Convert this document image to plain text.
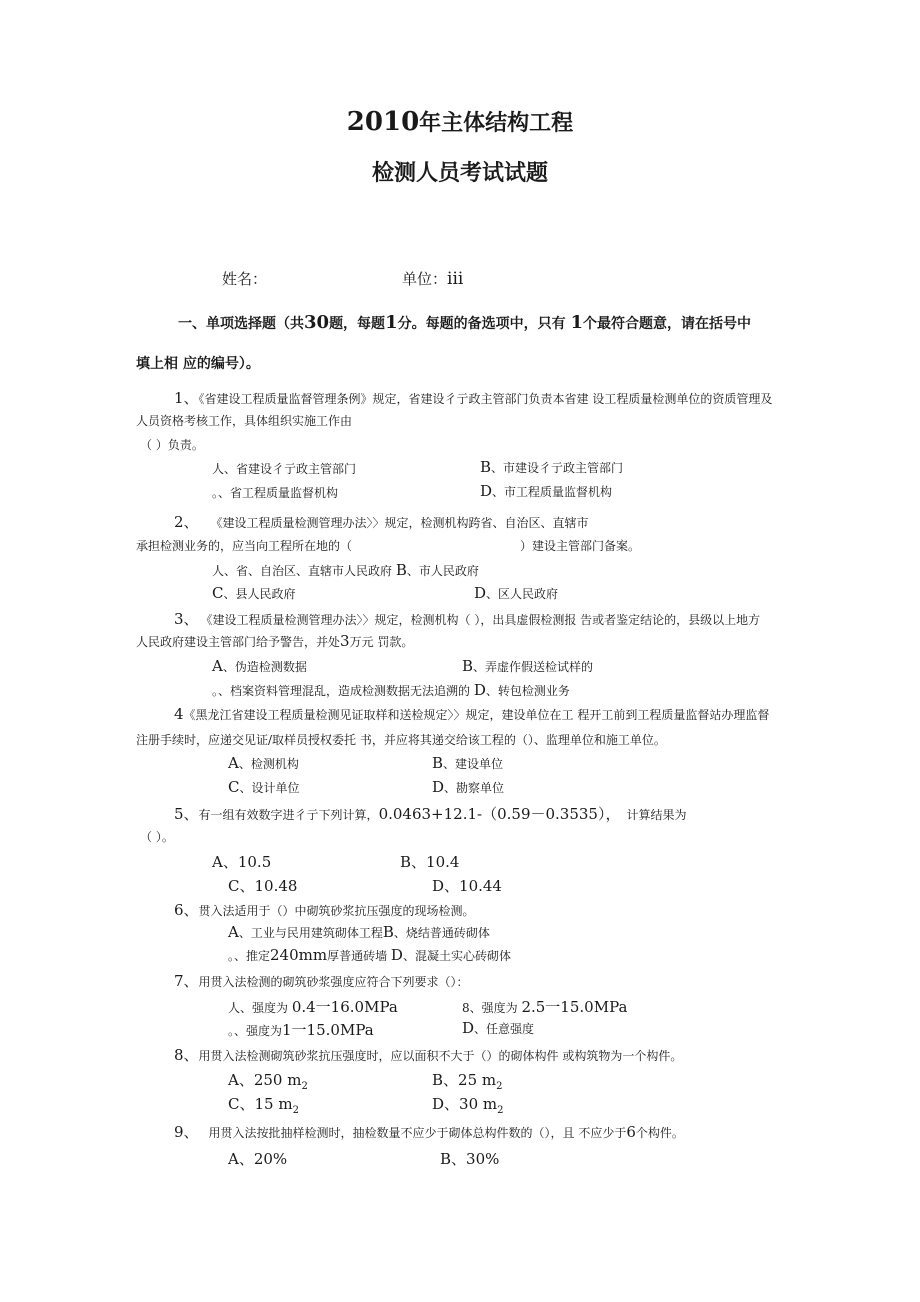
2010年主体结构工程
检测人员考试试题
姓名：	单位：iii
一、单项选择题（共30题，每题1分。每题的备选项中，只有 1个最符合题意，请在括号中
填上相 应的编号）。
1、《省建设工程质量监督管理条例》规定，省建设彳亍政主管部门负责本省建 设工程质量检测单位的资质管理及
人员资格考核工作，具体组织实施工作由
（ ）负责。
人、省建设彳亍政主管部门	B、市建设彳亍政主管部门
。、省工程质量监督机构	D、市工程质量监督机构
2、 《建设工程质量检测管理办法〉〉规定，检测机构跨省、自治区、直辖市
承担检测业务的，应当向工程所在地的（	）建设主管部门备案。
人、省、自治区、直辖市人民政府 B、市人民政府
C、县人民政府	D、区人民政府
3、 《建设工程质量检测管理办法〉〉规定，检测机构（ ），出具虚假检测报 告或者鉴定结论的，县级以上地方
人民政府建设主管部门给予警告，并处3万元 罚款。
A、伪造检测数据	B、弄虚作假送检试样的
。、档案资料管理混乱，造成检测数据无法追溯的 D、转包检测业务
4《黑龙江省建设工程质量检测见证取样和送检规定〉〉规定，建设单位在工 程开工前到工程质量监督站办理监督
注册手续时，应递交见证/取样员授权委托 书，并应将其递交给该工程的（）、监理单位和施工单位。
A、检测机构	B、建设单位
C、设计单位	D、勘察单位
5、有一组有效数字进彳亍下列计算，0.0463+12.1-（0.59－0.3535）， 计算结果为
（ ）。
A、10.5	B、10.4
C、10.48	D、10.44
6、贯入法适用于（）中砌筑砂浆抗压强度的现场检测。
A、工业与民用建筑砌体工程B、烧结普通砖砌体
。、推定240mm厚普通砖墙 D、混凝土实心砖砌体
7、用贯入法检测的砌筑砂浆强度应符合下列要求（）：
人、强度为 0.4一16.0MPa	8、强度为 2.5一15.0MPa
。、强度为1一15.0MPa	D、任意强度
8、用贯入法检测砌筑砂浆抗压强度时，应以面积不大于（）的砌体构件 或构筑物为一个构件。
A、250 $m_2$	B、25 $m_2$
C、15 $m_2$	D、30 $m_2$
9、 用贯入法按批抽样检测时，抽检数量不应少于砌体总构件数的（），且 不应少于6个构件。
A、20%	B、30%
